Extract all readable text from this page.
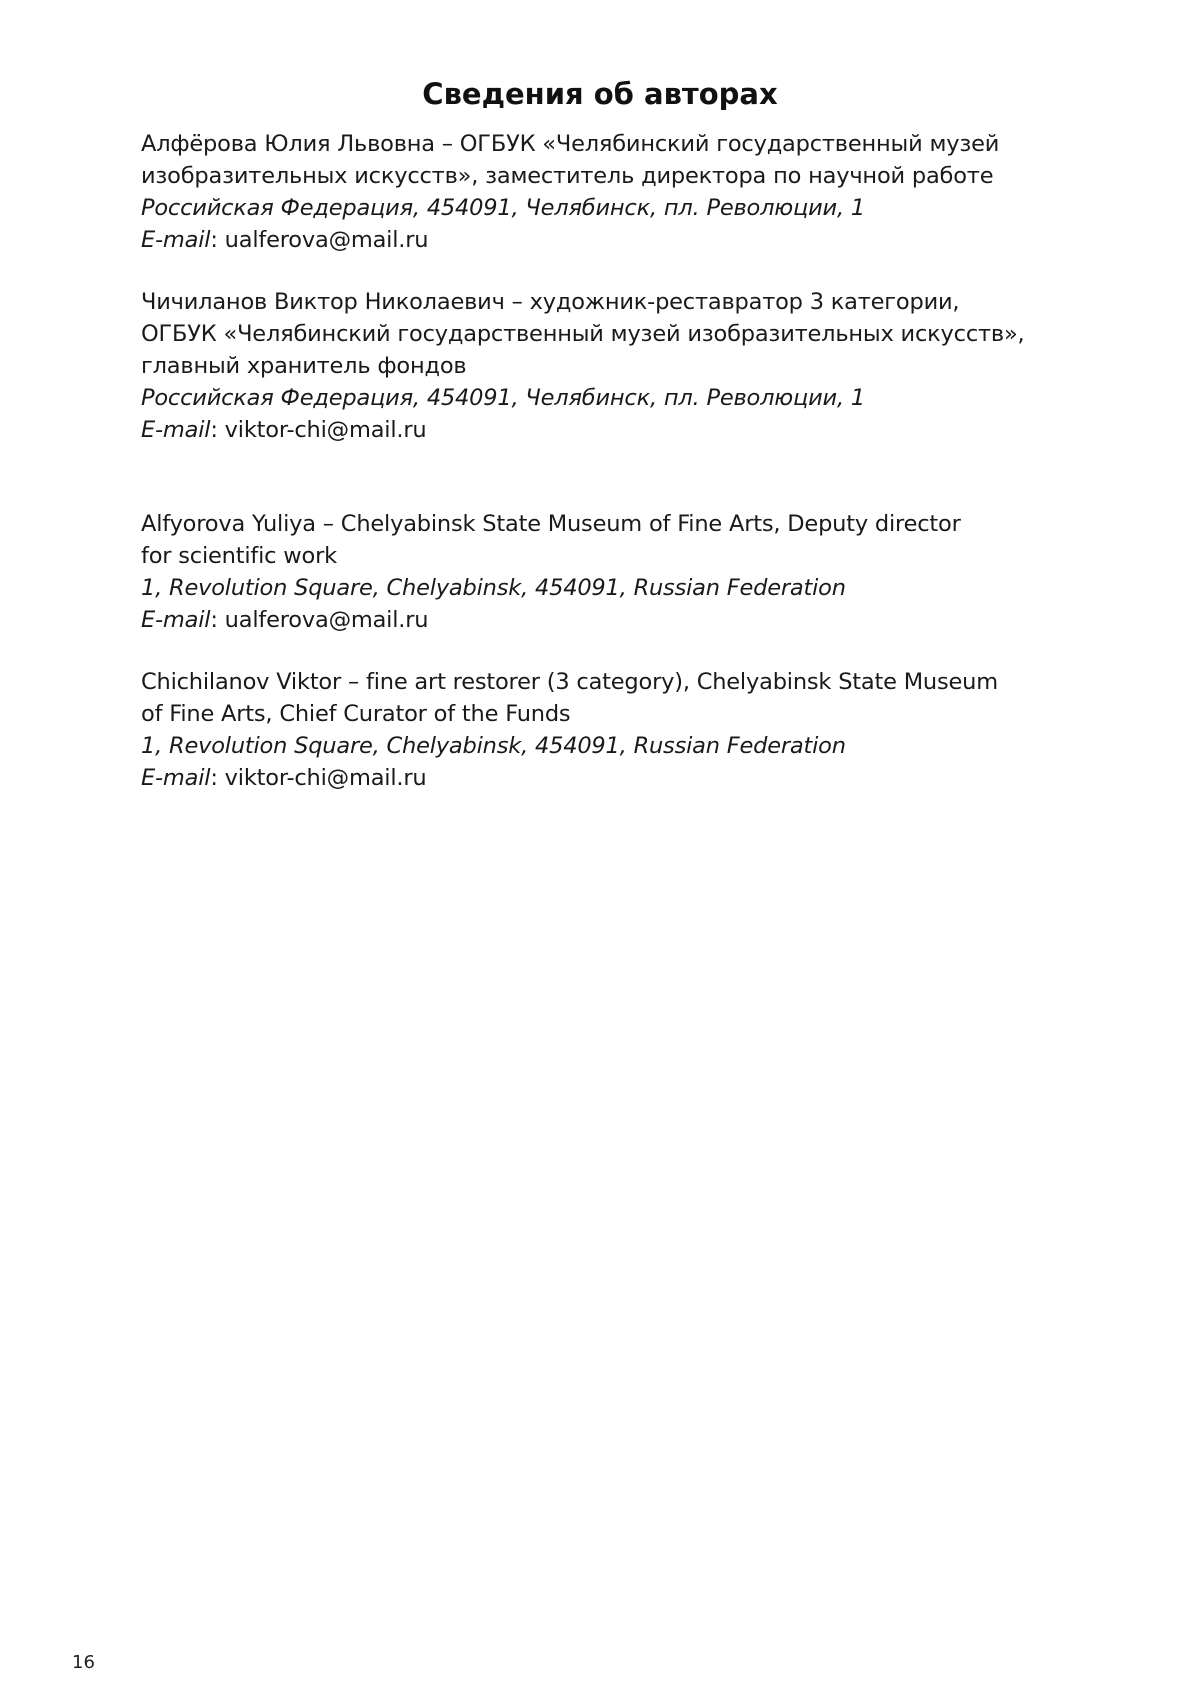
Сведения об авторах
Алфёрова Юлия Львовна – ОГБУК «Челябинский государственный музей
изобразительных искусств», заместитель директора по научной работе
Российская Федерация, 454091, Челябинск, пл. Революции, 1
E-mail: ualferova@mail.ru
Чичиланов Виктор Николаевич – художник-реставратор 3 категории,
ОГБУК «Челябинский государственный музей изобразительных искусств»,
главный хранитель фондов
Российская Федерация, 454091, Челябинск, пл. Революции, 1
E-mail: viktor-chi@mail.ru
Alfyorova Yuliya – Chelyabinsk State Museum of Fine Arts, Deputy director
for scientific work
1, Revolution Square, Chelyabinsk, 454091, Russian Federation
E-mail: ualferova@mail.ru
Chichilanov Viktor – fine art restorer (3 category), Chelyabinsk State Museum
of Fine Arts, Chief Curator of the Funds
1, Revolution Square, Chelyabinsk, 454091, Russian Federation
E-mail: viktor-chi@mail.ru
16
